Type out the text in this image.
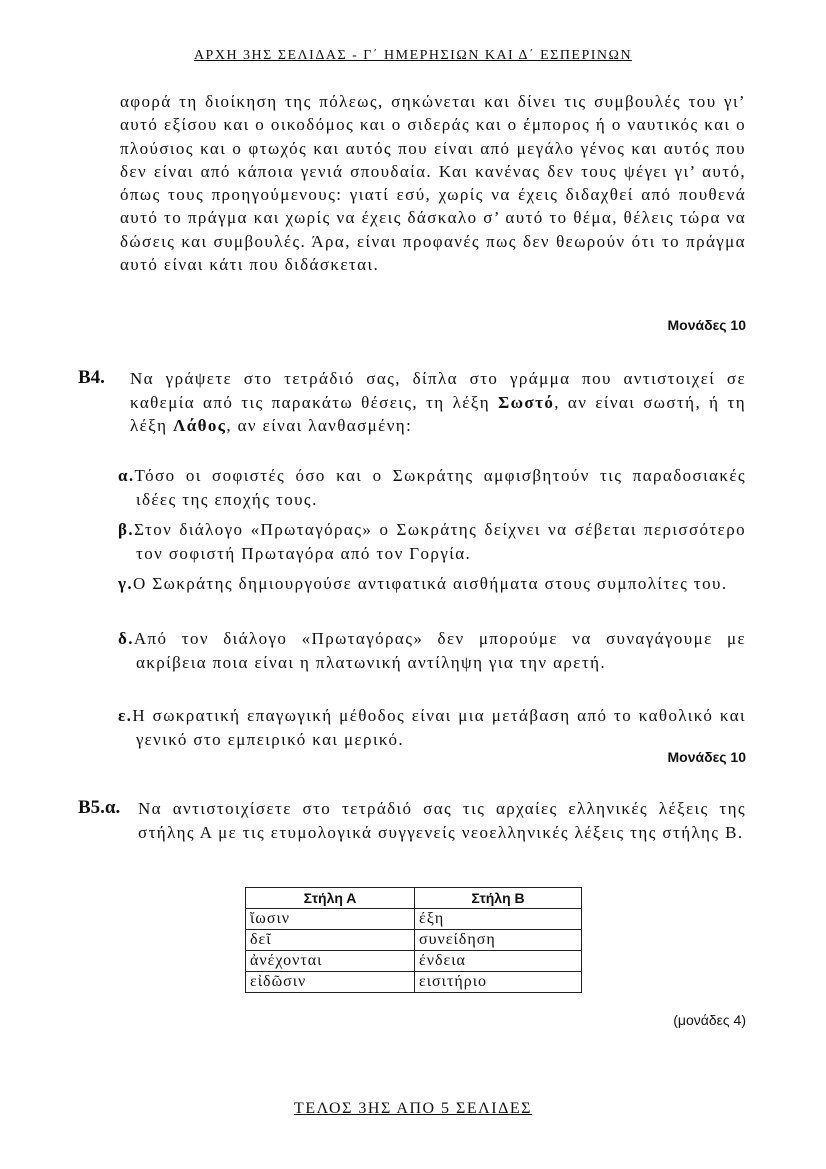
ΑΡΧΗ 3ΗΣ ΣΕΛΙΔΑΣ - Γ΄ ΗΜΕΡΗΣΙΩΝ ΚΑΙ Δ΄ ΕΣΠΕΡΙΝΩΝ
αφορά τη διοίκηση της πόλεως, σηκώνεται και δίνει τις συμβουλές του γι’ αυτό εξίσου και ο οικοδόμος και ο σιδεράς και ο έμπορος ή ο ναυτικός και ο πλούσιος και ο φτωχός και αυτός που είναι από μεγάλο γένος και αυτός που δεν είναι από κάποια γενιά σπουδαία. Και κανένας δεν τους ψέγει γι’ αυτό, όπως τους προηγούμενους: γιατί εσύ, χωρίς να έχεις διδαχθεί από πουθενά αυτό το πράγμα και χωρίς να έχεις δάσκαλο σ’ αυτό το θέμα, θέλεις τώρα να δώσεις και συμβουλές. Άρα, είναι προφανές πως δεν θεωρούν ότι το πράγμα αυτό είναι κάτι που διδάσκεται.
Μονάδες 10
Β4. Να γράψετε στο τετράδιό σας, δίπλα στο γράμμα που αντιστοιχεί σε καθεμία από τις παρακάτω θέσεις, τη λέξη Σωστό, αν είναι σωστή, ή τη λέξη Λάθος, αν είναι λανθασμένη:
α.Τόσο οι σοφιστές όσο και ο Σωκράτης αμφισβητούν τις παραδοσιακές ιδέες της εποχής τους.
β.Στον διάλογο «Πρωταγόρας» ο Σωκράτης δείχνει να σέβεται περισσότερο τον σοφιστή Πρωταγόρα από τον Γοργία.
γ.Ο Σωκράτης δημιουργούσε αντιφατικά αισθήματα στους συμπολίτες του.
δ.Από τον διάλογο «Πρωταγόρας» δεν μπορούμε να συναγάγουμε με ακρίβεια ποια είναι η πλατωνική αντίληψη για την αρετή.
ε.Η σωκρατική επαγωγική μέθοδος είναι μια μετάβαση από το καθολικό και γενικό στο εμπειρικό και μερικό.
Μονάδες 10
Β5.α. Να αντιστοιχίσετε στο τετράδιό σας τις αρχαίες ελληνικές λέξεις της στήλης Α με τις ετυμολογικά συγγενείς νεοελληνικές λέξεις της στήλης Β.
Στήλη Α	Στήλη Β
ἴωσιν	έξη
δεῖ	συνείδηση
ἀνέχονται	ένδεια
εἰδῶσιν	εισιτήριο
(μονάδες 4)
ΤΕΛΟΣ 3ΗΣ ΑΠΟ 5 ΣΕΛΙΔΕΣ
